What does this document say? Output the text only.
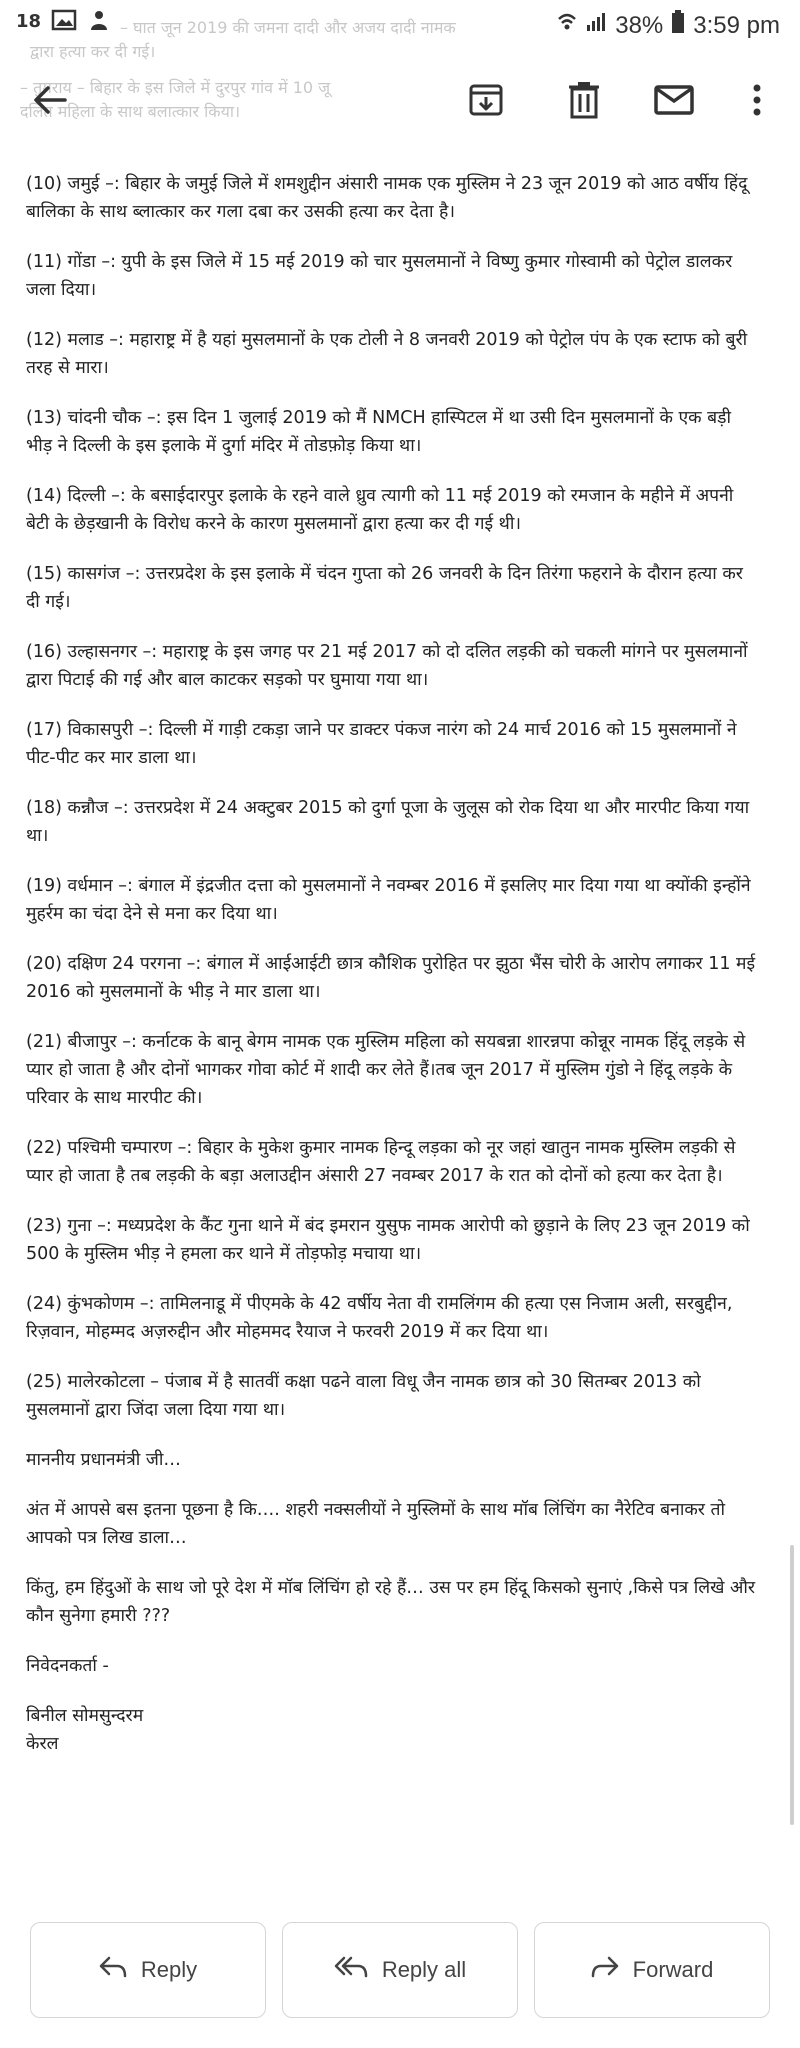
18	– घात जून 2019 की जमना दादी और अजय दादी नामक
द्वारा हत्या कर दी गई।
38% 3:59 pm
– तुमराय – बिहार के इस जिले में दुरपुर गांव में 10 जू
दलित महिला के साथ बलात्कार किया।

(10) जमुई –: बिहार के जमुई जिले में शमशुद्दीन अंसारी नामक एक मुस्लिम ने 23 जून 2019 को आठ वर्षीय हिंदू बालिका के साथ ब्लात्कार कर गला दबा कर उसकी हत्या कर देता है।

(11) गोंडा –: युपी के इस जिले में 15 मई 2019 को चार मुसलमानों ने विष्णु कुमार गोस्वामी को पेट्रोल डालकर जला दिया।

(12) मलाड –: महाराष्ट्र में है यहां मुसलमानों के एक टोली ने 8 जनवरी 2019 को पेट्रोल पंप के एक स्टाफ को बुरी तरह से मारा।

(13) चांदनी चौक –: इस दिन 1 जुलाई 2019 को मैं NMCH हास्पिटल में था उसी दिन मुसलमानों के एक बड़ी भीड़ ने दिल्ली के इस इलाके में दुर्गा मंदिर में तोडफ़ोड़ किया था।

(14) दिल्ली –: के बसाईदारपुर इलाके के रहने वाले ध्रुव त्यागी को 11 मई 2019 को रमजान के महीने में अपनी बेटी के छेड़खानी के विरोध करने के कारण मुसलमानों द्वारा हत्या कर दी गई थी।

(15) कासगंज –: उत्तरप्रदेश के इस इलाके में चंदन गुप्ता को 26 जनवरी के दिन तिरंगा फहराने के दौरान हत्या कर दी गई।

(16) उल्हासनगर –: महाराष्ट्र के इस जगह पर 21 मई 2017 को दो दलित लड़की को चकली मांगने पर मुसलमानों द्वारा पिटाई की गई और बाल काटकर सड़को पर घुमाया गया था।

(17) विकासपुरी –: दिल्ली में गाड़ी टकड़ा जाने पर डाक्टर पंकज नारंग को 24 मार्च 2016 को 15 मुसलमानों ने पीट-पीट कर मार डाला था।

(18) कन्नौज –: उत्तरप्रदेश में 24 अक्टुबर 2015 को दुर्गा पूजा के जुलूस को रोक दिया था और मारपीट किया गया था।

(19) वर्धमान –: बंगाल में इंद्रजीत दत्ता को मुसलमानों ने नवम्बर 2016 में इसलिए मार दिया गया था क्योंकी इन्होंने मुहर्रम का चंदा देने से मना कर दिया था।

(20) दक्षिण 24 परगना –: बंगाल में आईआईटी छात्र कौशिक पुरोहित पर झुठा भैंस चोरी के आरोप लगाकर 11 मई 2016 को मुसलमानों के भीड़ ने मार डाला था।

(21) बीजापुर –: कर्नाटक के बानू बेगम नामक एक मुस्लिम महिला को सयबन्ना शारन्नपा कोन्नूर नामक हिंदू लड़के से प्यार हो जाता है और दोनों भागकर गोवा कोर्ट में शादी कर लेते हैं।तब जून 2017 में मुस्लिम गुंडो ने हिंदू लड़के के परिवार के साथ मारपीट की।

(22) पश्चिमी चम्पारण –: बिहार के मुकेश कुमार नामक हिन्दू लड़का को नूर जहां खातुन नामक मुस्लिम लड़की से प्यार हो जाता है तब लड़की के बड़ा अलाउद्दीन अंसारी 27 नवम्बर 2017 के रात को दोनों को हत्या कर देता है।

(23) गुना –: मध्यप्रदेश के कैंट गुना थाने में बंद इमरान युसुफ नामक आरोपी को छुड़ाने के लिए 23 जून 2019 को 500 के मुस्लिम भीड़ ने हमला कर थाने में तोड़फोड़ मचाया था।

(24) कुंभकोणम –: तामिलनाडू में पीएमके के 42 वर्षीय नेता वी रामलिंगम की हत्या एस निजाम अली, सरबुद्दीन, रिज़वान, मोहम्मद अज़रुद्दीन और मोहममद रैयाज ने फरवरी 2019 में कर दिया था।

(25) मालेरकोटला – पंजाब में है सातवीं कक्षा पढने वाला विधू जैन नामक छात्र को 30 सितम्बर 2013 को मुसलमानों द्वारा जिंदा जला दिया गया था।

माननीय प्रधानमंत्री जी…

अंत में आपसे बस इतना पूछना है कि…. शहरी नक्सलीयों ने मुस्लिमों के साथ मॉब लिंचिंग का नैरेटिव बनाकर तो आपको पत्र लिख डाला…

किंतु, हम हिंदुओं के साथ जो पूरे देश में मॉब लिंचिंग हो रहे हैं… उस पर हम हिंदू किसको सुनाएं ,किसे पत्र लिखे और कौन सुनेगा हमारी ???

निवेदनकर्ता -

बिनील सोमसुन्दरम

केरल

Reply	Reply all	Forward
